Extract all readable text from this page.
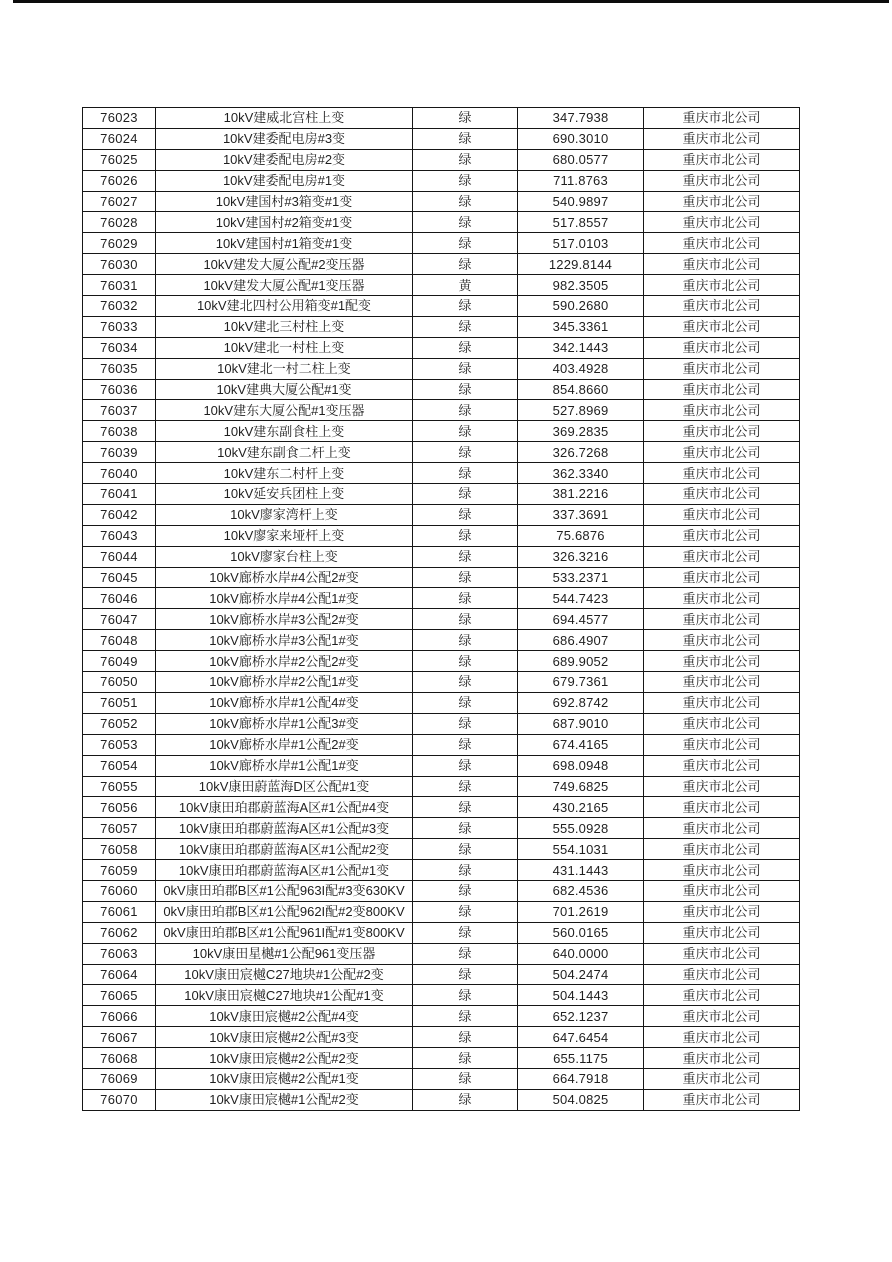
76023	10kV建威北宫柱上变	绿	347.7938	重庆市北公司
76024	10kV建委配电房#3变	绿	690.3010	重庆市北公司
76025	10kV建委配电房#2变	绿	680.0577	重庆市北公司
76026	10kV建委配电房#1变	绿	711.8763	重庆市北公司
76027	10kV建国村#3箱变#1变	绿	540.9897	重庆市北公司
76028	10kV建国村#2箱变#1变	绿	517.8557	重庆市北公司
76029	10kV建国村#1箱变#1变	绿	517.0103	重庆市北公司
76030	10kV建发大厦公配#2变压器	绿	1229.8144	重庆市北公司
76031	10kV建发大厦公配#1变压器	黄	982.3505	重庆市北公司
76032	10kV建北四村公用箱变#1配变	绿	590.2680	重庆市北公司
76033	10kV建北三村柱上变	绿	345.3361	重庆市北公司
76034	10kV建北一村柱上变	绿	342.1443	重庆市北公司
76035	10kV建北一村二柱上变	绿	403.4928	重庆市北公司
76036	10kV建典大厦公配#1变	绿	854.8660	重庆市北公司
76037	10kV建东大厦公配#1变压器	绿	527.8969	重庆市北公司
76038	10kV建东副食柱上变	绿	369.2835	重庆市北公司
76039	10kV建东副食二杆上变	绿	326.7268	重庆市北公司
76040	10kV建东二村杆上变	绿	362.3340	重庆市北公司
76041	10kV延安兵团柱上变	绿	381.2216	重庆市北公司
76042	10kV廖家湾杆上变	绿	337.3691	重庆市北公司
76043	10kV廖家来垭杆上变	绿	75.6876	重庆市北公司
76044	10kV廖家台柱上变	绿	326.3216	重庆市北公司
76045	10kV廊桥水岸#4公配2#变	绿	533.2371	重庆市北公司
76046	10kV廊桥水岸#4公配1#变	绿	544.7423	重庆市北公司
76047	10kV廊桥水岸#3公配2#变	绿	694.4577	重庆市北公司
76048	10kV廊桥水岸#3公配1#变	绿	686.4907	重庆市北公司
76049	10kV廊桥水岸#2公配2#变	绿	689.9052	重庆市北公司
76050	10kV廊桥水岸#2公配1#变	绿	679.7361	重庆市北公司
76051	10kV廊桥水岸#1公配4#变	绿	692.8742	重庆市北公司
76052	10kV廊桥水岸#1公配3#变	绿	687.9010	重庆市北公司
76053	10kV廊桥水岸#1公配2#变	绿	674.4165	重庆市北公司
76054	10kV廊桥水岸#1公配1#变	绿	698.0948	重庆市北公司
76055	10kV康田蔚蓝海D区公配#1变	绿	749.6825	重庆市北公司
76056	10kV康田珀郡蔚蓝海A区#1公配#4变	绿	430.2165	重庆市北公司
76057	10kV康田珀郡蔚蓝海A区#1公配#3变	绿	555.0928	重庆市北公司
76058	10kV康田珀郡蔚蓝海A区#1公配#2变	绿	554.1031	重庆市北公司
76059	10kV康田珀郡蔚蓝海A区#1公配#1变	绿	431.1443	重庆市北公司
76060	0kV康田珀郡B区#1公配963I配#3变630KV	绿	682.4536	重庆市北公司
76061	0kV康田珀郡B区#1公配962I配#2变800KV	绿	701.2619	重庆市北公司
76062	0kV康田珀郡B区#1公配961I配#1变800KV	绿	560.0165	重庆市北公司
76063	10kV康田星樾#1公配961变压器	绿	640.0000	重庆市北公司
76064	10kV康田宸樾C27地块#1公配#2变	绿	504.2474	重庆市北公司
76065	10kV康田宸樾C27地块#1公配#1变	绿	504.1443	重庆市北公司
76066	10kV康田宸樾#2公配#4变	绿	652.1237	重庆市北公司
76067	10kV康田宸樾#2公配#3变	绿	647.6454	重庆市北公司
76068	10kV康田宸樾#2公配#2变	绿	655.1175	重庆市北公司
76069	10kV康田宸樾#2公配#1变	绿	664.7918	重庆市北公司
76070	10kV康田宸樾#1公配#2变	绿	504.0825	重庆市北公司
